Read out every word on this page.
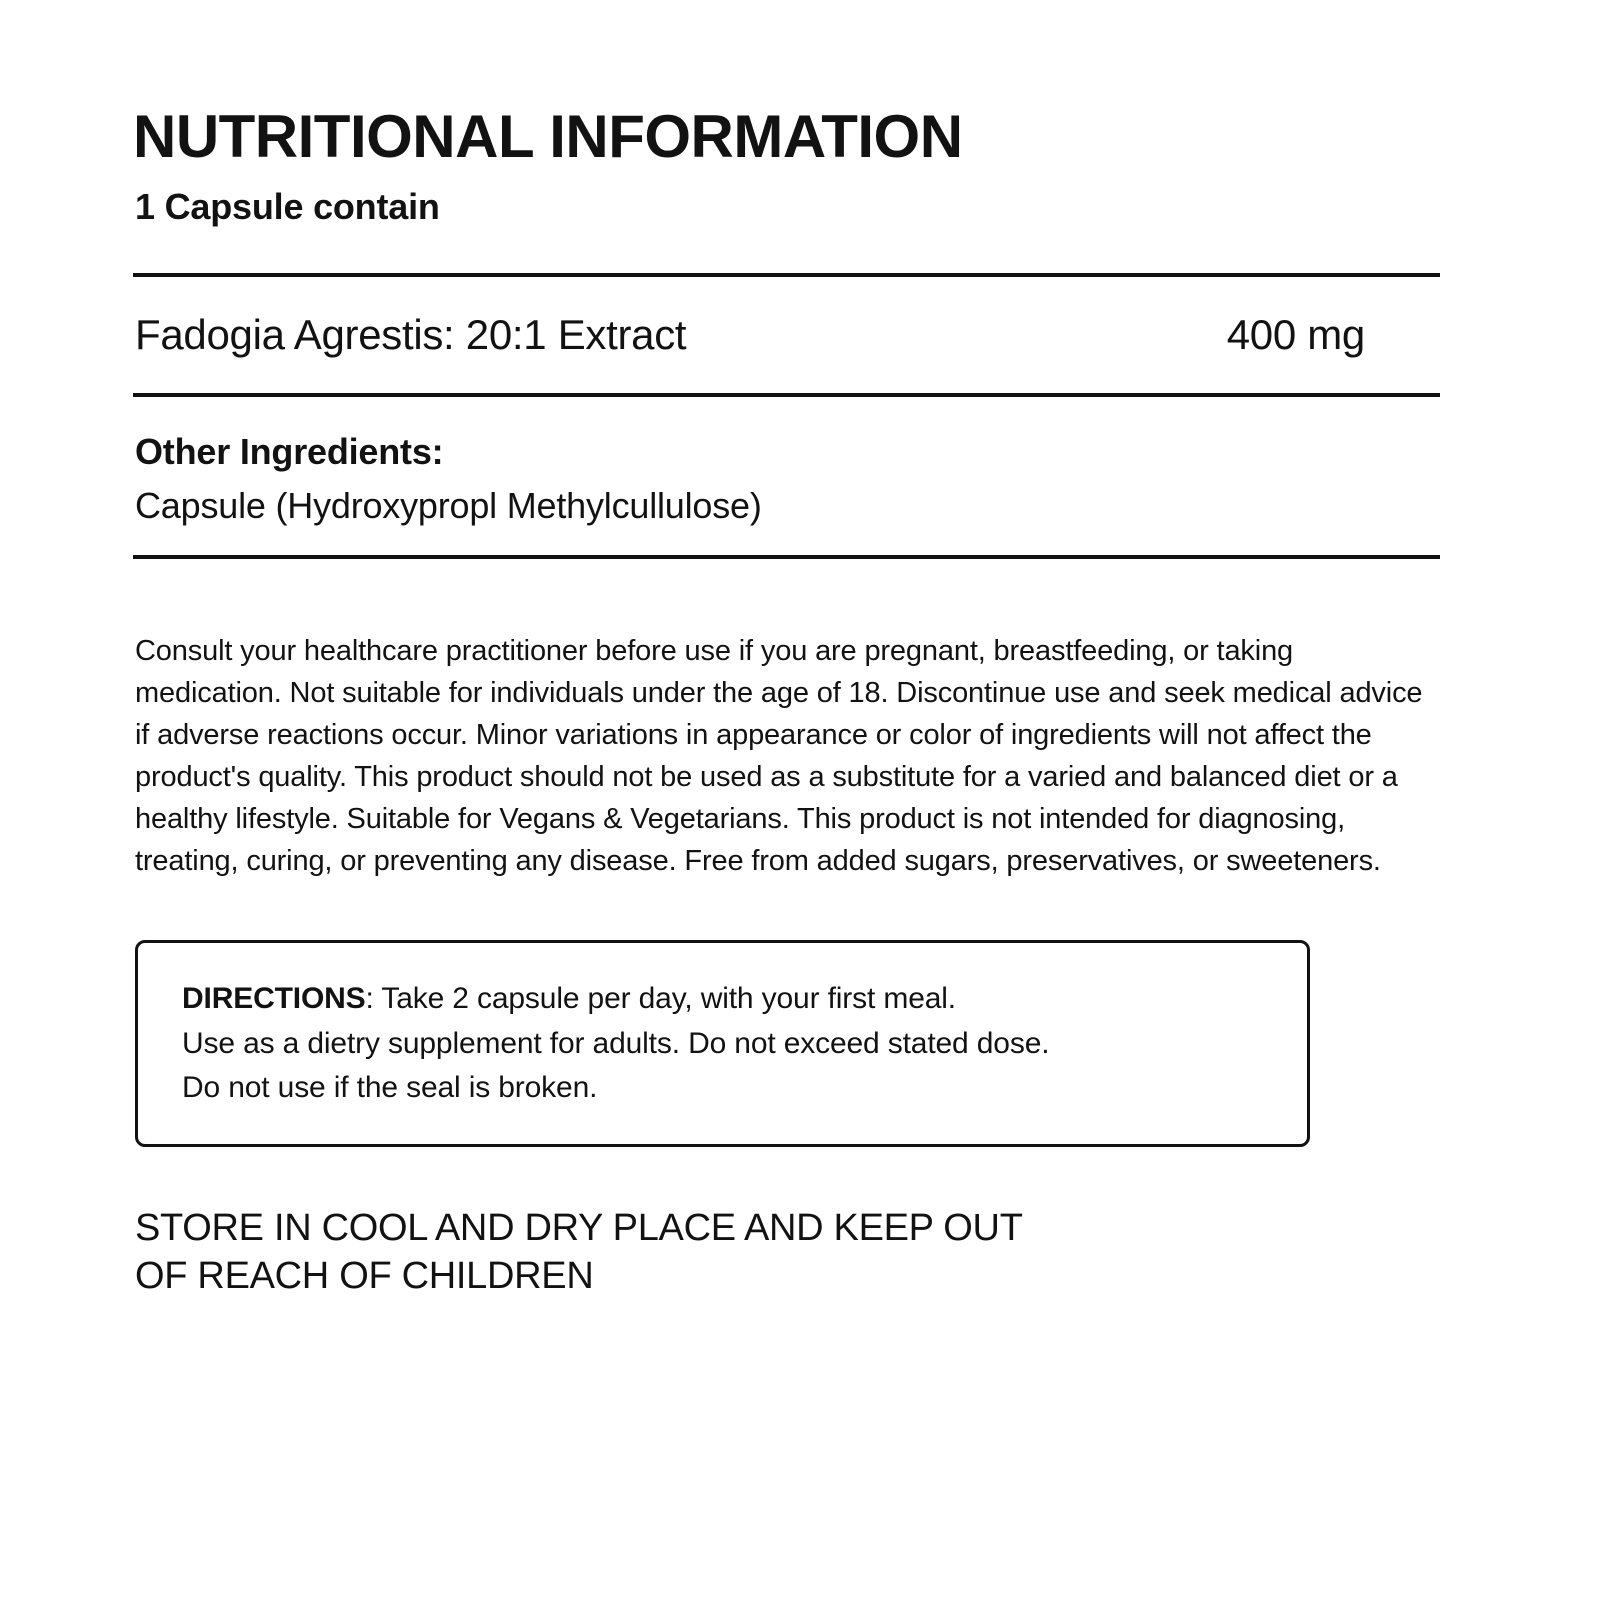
NUTRITIONAL INFORMATION
1 Capsule contain
Fadogia Agrestis: 20:1 Extract	400 mg
Other Ingredients:
Capsule (Hydroxypropl Methylcullulose)

Consult your healthcare practitioner before use if you are pregnant, breastfeeding, or taking medication. Not suitable for individuals under the age of 18. Discontinue use and seek medical advice if adverse reactions occur. Minor variations in appearance or color of ingredients will not affect the product's quality. This product should not be used as a substitute for a varied and balanced diet or a healthy lifestyle. Suitable for Vegans & Vegetarians. This product is not intended for diagnosing, treating, curing, or preventing any disease. Free from added sugars, preservatives, or sweeteners.

DIRECTIONS: Take 2 capsule per day, with your first meal.
Use as a dietry supplement for adults. Do not exceed stated dose.
Do not use if the seal is broken.
STORE IN COOL AND DRY PLACE AND KEEP OUT
OF REACH OF CHILDREN
